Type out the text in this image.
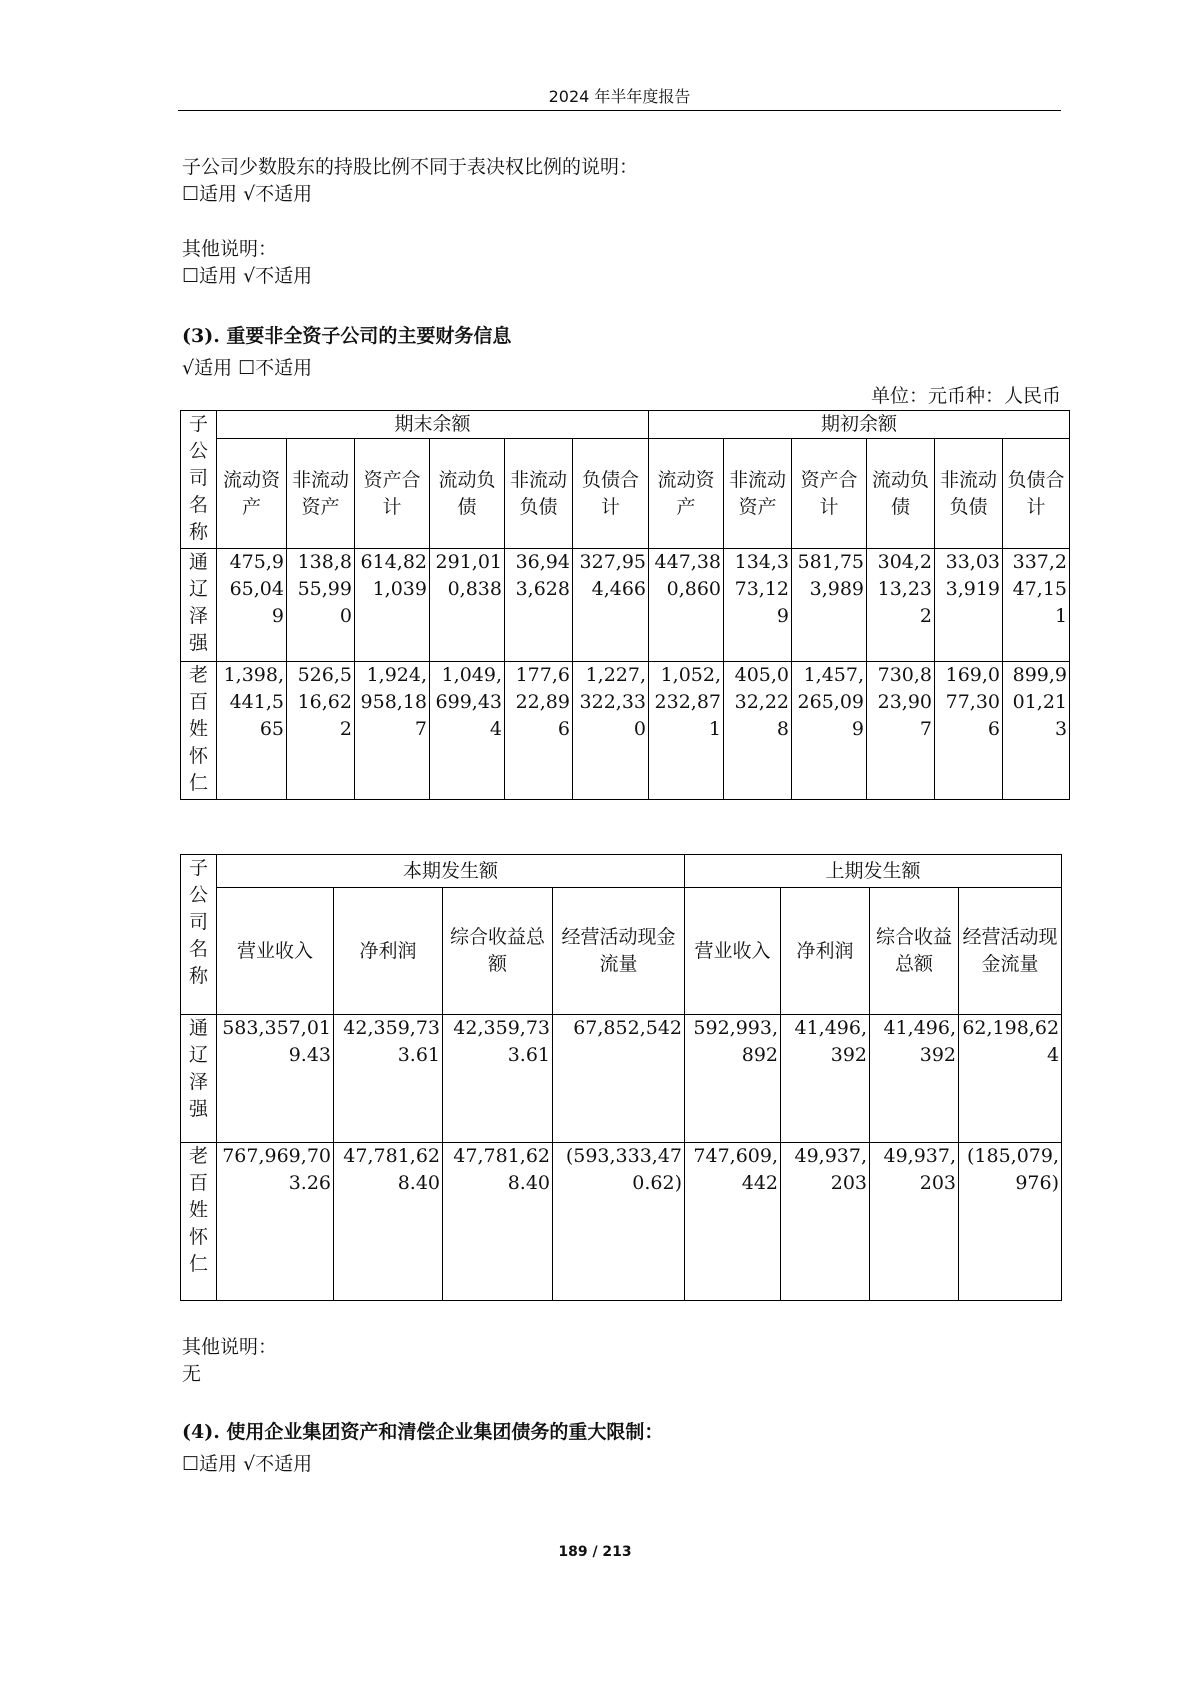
2024 年半年度报告
子公司少数股东的持股比例不同于表决权比例的说明：
☐适用 √不适用
其他说明：
☐适用 √不适用
(3). 重要非全资子公司的主要财务信息
√适用 ☐不适用
单位：元币种：人民币
子公司名称	期末余额						期初余额					
	流动资产	非流动资产	资产合计	流动负债	非流动负债	负债合计	流动资产	非流动资产	资产合计	流动负债	非流动负债	负债合计
通辽泽强	475,965,049	138,855,990	614,821,039	291,010,838	36,943,628	327,954,466	447,380,860	134,373,129	581,753,989	304,213,232	33,033,919	337,247,151
老百姓怀仁	1,398,441,565	526,516,622	1,924,958,187	1,049,699,434	177,622,896	1,227,322,330	1,052,232,871	405,032,228	1,457,265,099	730,823,907	169,077,306	899,901,213
子公司名称	本期发生额				上期发生额			
	营业收入	净利润	综合收益总额	经营活动现金流量	营业收入	净利润	综合收益总额	经营活动现金流量
通辽泽强	583,357,019.43	42,359,733.61	42,359,733.61	67,852,542	592,993,892	41,496,392	41,496,392	62,198,624
老百姓怀仁	767,969,703.26	47,781,628.40	47,781,628.40	(593,333,470.62)	747,609,442	49,937,203	49,937,203	(185,079,976)
其他说明：
无
(4). 使用企业集团资产和清偿企业集团债务的重大限制：
☐适用 √不适用
189 / 213
